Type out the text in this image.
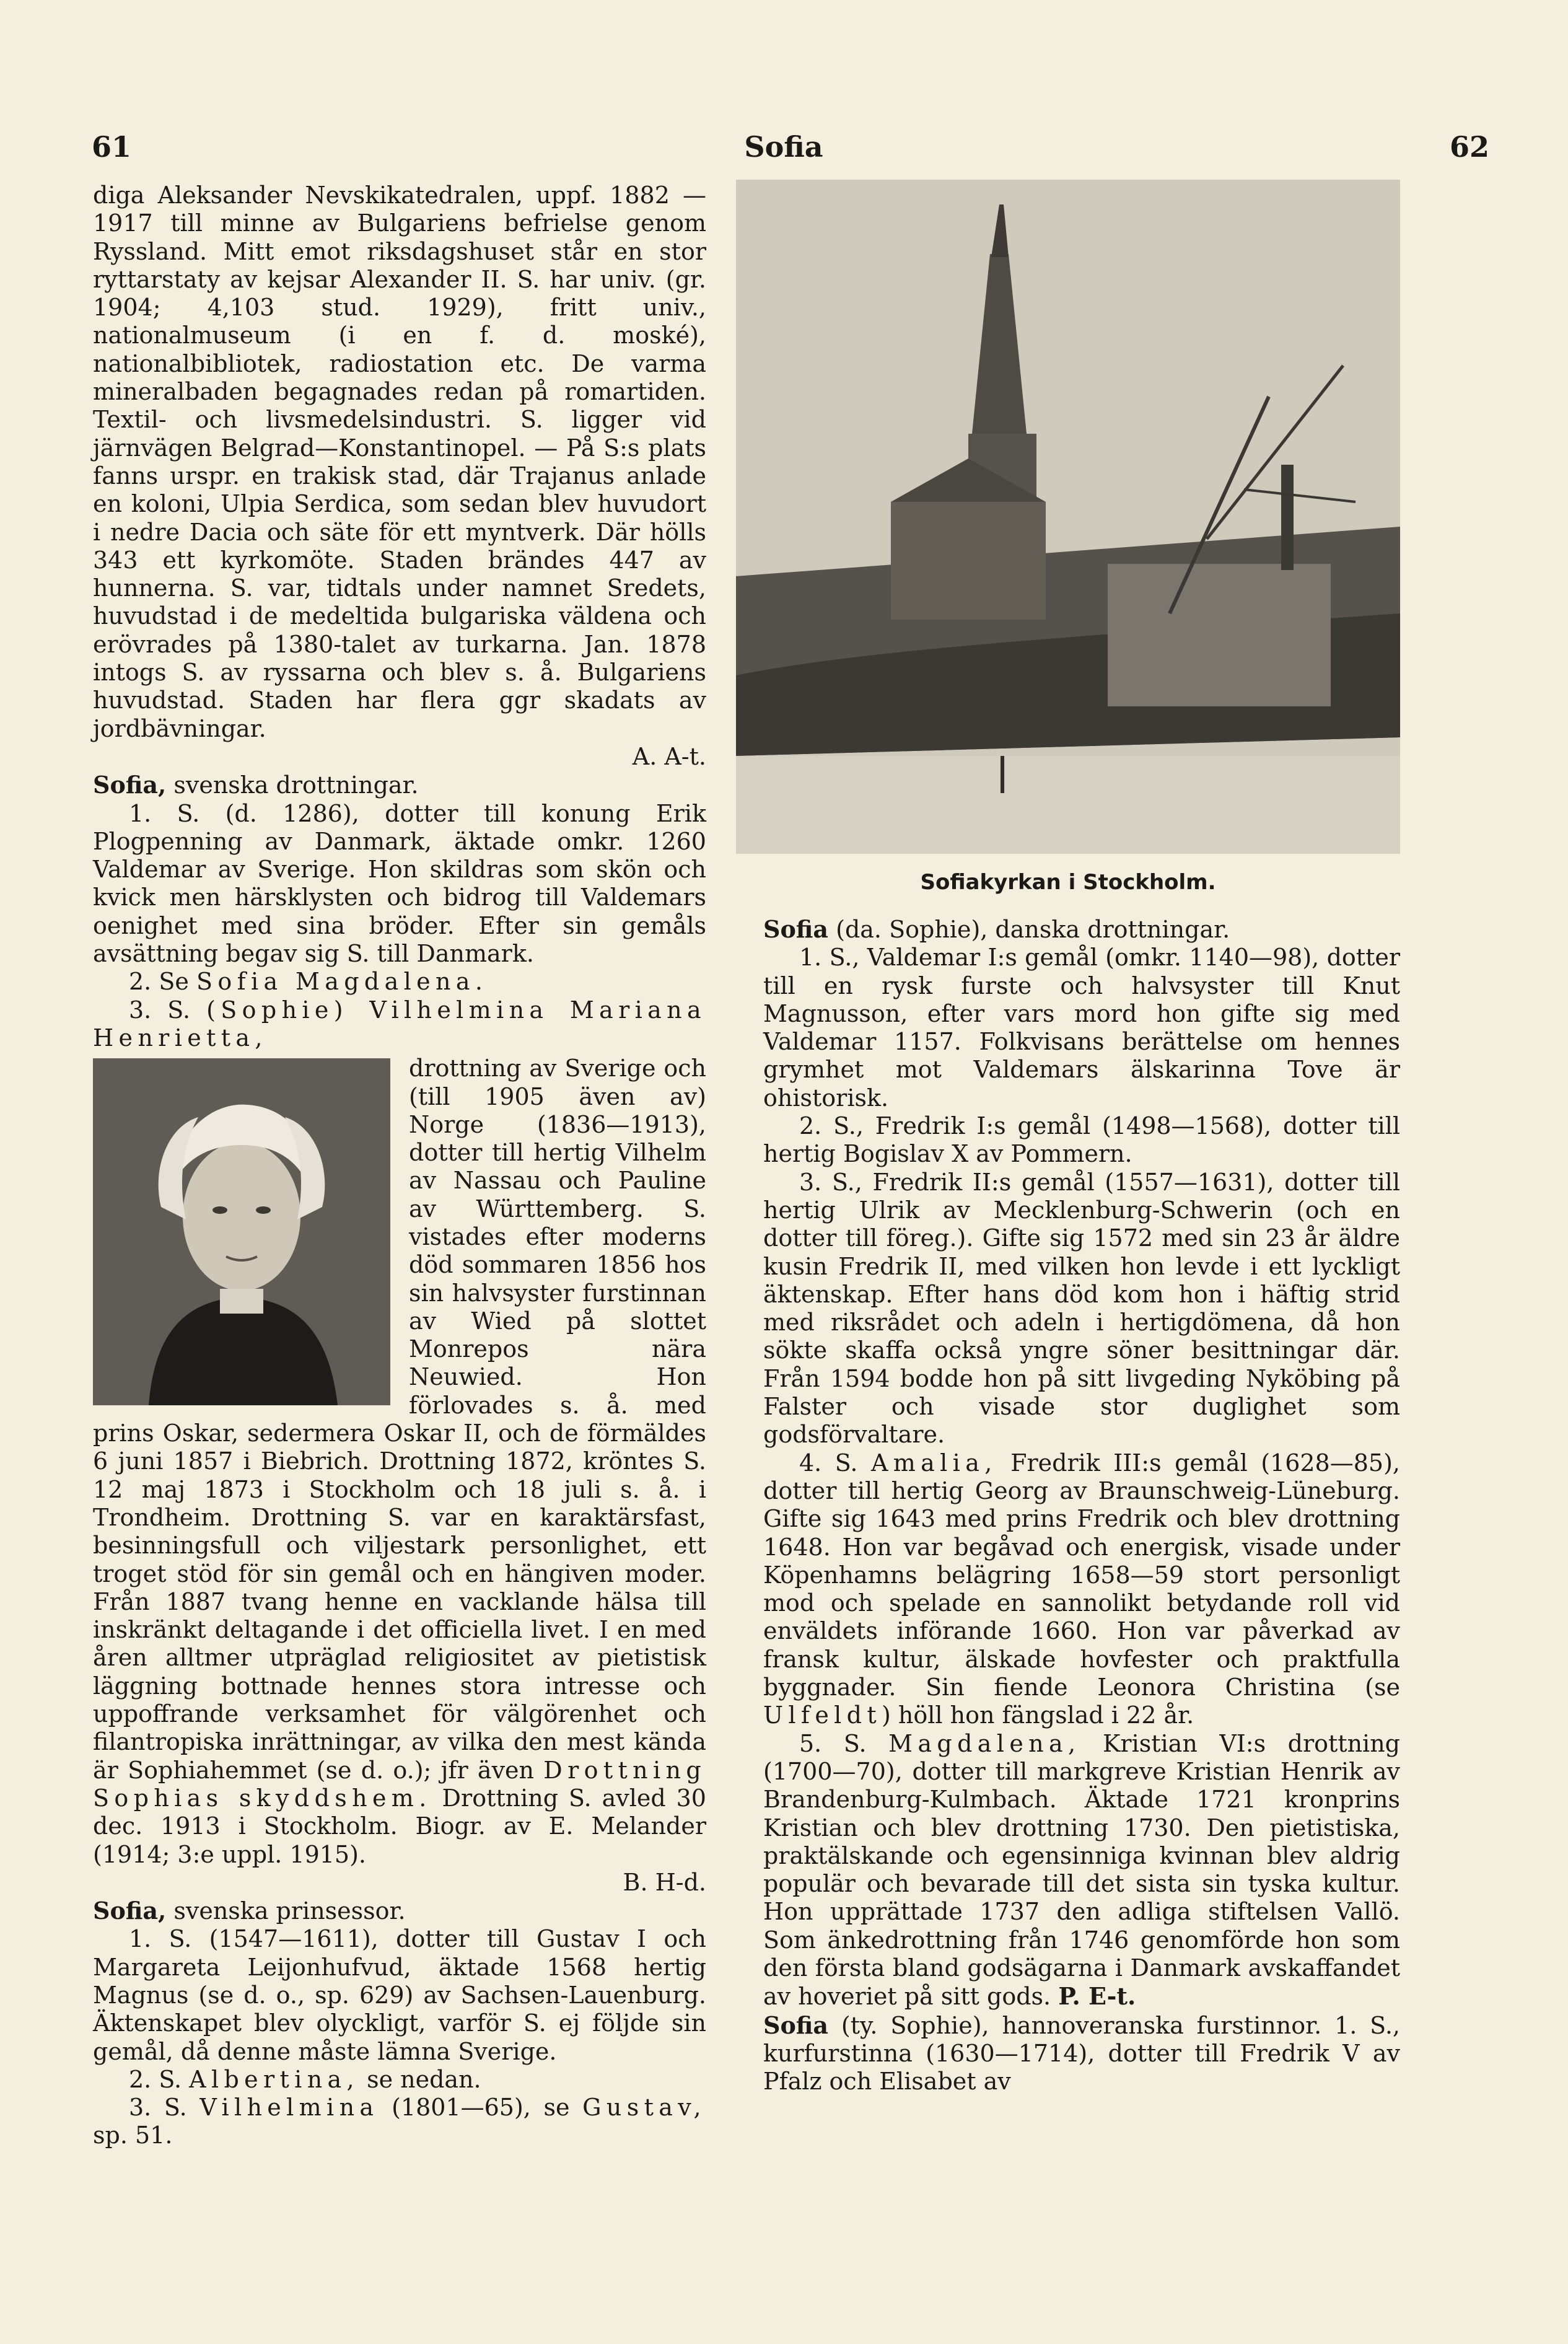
61	Sofia	62

diga Aleksander Nevskikatedralen, uppf. 1882 —1917 till minne av Bulgariens befrielse genom Ryssland. Mitt emot riksdagshuset står en stor ryttarstaty av kejsar Alexander II. S. har univ. (gr. 1904; 4,103 stud. 1929), fritt univ., nationalmuseum (i en f. d. moské), nationalbibliotek, radiostation etc. De varma mineralbaden begagnades redan på romartiden. Textil- och livsmedelsindustri. S. ligger vid järnvägen Belgrad—Konstantinopel. — På S:s plats fanns urspr. en trakisk stad, där Trajanus anlade en koloni, Ulpia Serdica, som sedan blev huvudort i nedre Dacia och säte för ett myntverk. Där hölls 343 ett kyrkomöte. Staden brändes 447 av hunnerna. S. var, tidtals under namnet Sredets, huvudstad i de medeltida bulgariska väldena och erövrades på 1380-talet av turkarna. Jan. 1878 intogs S. av ryssarna och blev s. å. Bulgariens huvudstad. Staden har flera ggr skadats av jordbävningar.

A. A-t.

Sofia, svenska drottningar.

1. S. (d. 1286), dotter till konung Erik Plogpenning av Danmark, äktade omkr. 1260 Valdemar av Sverige. Hon skildras som skön och kvick men härsklysten och bidrog till Valdemars oenighet med sina bröder. Efter sin gemåls avsättning begav sig S. till Danmark.

2. Se Sofia Magdalena.

3. S. (Sophie) Vilhelmina Mariana Henrietta,

drottning av Sverige och (till 1905 även av) Norge (1836—1913), dotter till hertig Vilhelm av Nassau och Pauline av Württemberg. S. vistades efter moderns död sommaren 1856 hos sin halvsyster furstinnan av Wied på slottet Monrepos nära Neuwied. Hon förlovades s. å. med prins Oskar, sedermera Oskar II, och de förmäldes 6 juni 1857 i Biebrich. Drottning 1872, kröntes S. 12 maj 1873 i Stockholm och 18 juli s. å. i Trondheim. Drottning S. var en karaktärsfast, besinningsfull och viljestark personlighet, ett troget stöd för sin gemål och en hängiven moder. Från 1887 tvang henne en vacklande hälsa till inskränkt deltagande i det officiella livet. I en med åren alltmer utpräglad religiositet av pietistisk läggning bottnade hennes stora intresse och uppoffrande verksamhet för välgörenhet och filantropiska inrättningar, av vilka den mest kända är Sophiahemmet (se d. o.); jfr även Drottning Sophias skyddshem. Drottning S. avled 30 dec. 1913 i Stockholm. Biogr. av E. Melander (1914; 3:e uppl. 1915).

B. H-d.

Sofia, svenska prinsessor.

1. S. (1547—1611), dotter till Gustav I och Margareta Leijonhufvud, äktade 1568 hertig Magnus (se d. o., sp. 629) av Sachsen-Lauenburg. Äktenskapet blev olyckligt, varför S. ej följde sin gemål, då denne måste lämna Sverige.

2. S. Albertina, se nedan.

3. S. Vilhelmina (1801—65), se Gustav, sp. 51.

Sofiakyrkan i Stockholm.

Sofia (da. Sophie), danska drottningar.

1. S., Valdemar I:s gemål (omkr. 1140—98), dotter till en rysk furste och halvsyster till Knut Magnusson, efter vars mord hon gifte sig med Valdemar 1157. Folkvisans berättelse om hennes grymhet mot Valdemars älskarinna Tove är ohistorisk.

2. S., Fredrik I:s gemål (1498—1568), dotter till hertig Bogislav X av Pommern.

3. S., Fredrik II:s gemål (1557—1631), dotter till hertig Ulrik av Mecklenburg-Schwerin (och en dotter till föreg.). Gifte sig 1572 med sin 23 år äldre kusin Fredrik II, med vilken hon levde i ett lyckligt äktenskap. Efter hans död kom hon i häftig strid med riksrådet och adeln i hertigdömena, då hon sökte skaffa också yngre söner besittningar där. Från 1594 bodde hon på sitt livgeding Nyköbing på Falster och visade stor duglighet som godsförvaltare.

4. S. Amalia, Fredrik III:s gemål (1628—85), dotter till hertig Georg av Braunschweig-Lüneburg. Gifte sig 1643 med prins Fredrik och blev drottning 1648. Hon var begåvad och energisk, visade under Köpenhamns belägring 1658—59 stort personligt mod och spelade en sannolikt betydande roll vid enväldets införande 1660. Hon var påverkad av fransk kultur, älskade hovfester och praktfulla byggnader. Sin fiende Leonora Christina (se Ulfeldt) höll hon fängslad i 22 år.

5. S. Magdalena, Kristian VI:s drottning (1700—70), dotter till markgreve Kristian Henrik av Brandenburg-Kulmbach. Äktade 1721 kronprins Kristian och blev drottning 1730. Den pietistiska, praktälskande och egensinniga kvinnan blev aldrig populär och bevarade till det sista sin tyska kultur. Hon upprättade 1737 den adliga stiftelsen Vallö. Som änkedrottning från 1746 genomförde hon som den första bland godsägarna i Danmark avskaffandet av hoveriet på sitt gods. P. E-t.

Sofia (ty. Sophie), hannoveranska furstinnor. 1. S., kurfurstinna (1630—1714), dotter till Fredrik V av Pfalz och Elisabet av
